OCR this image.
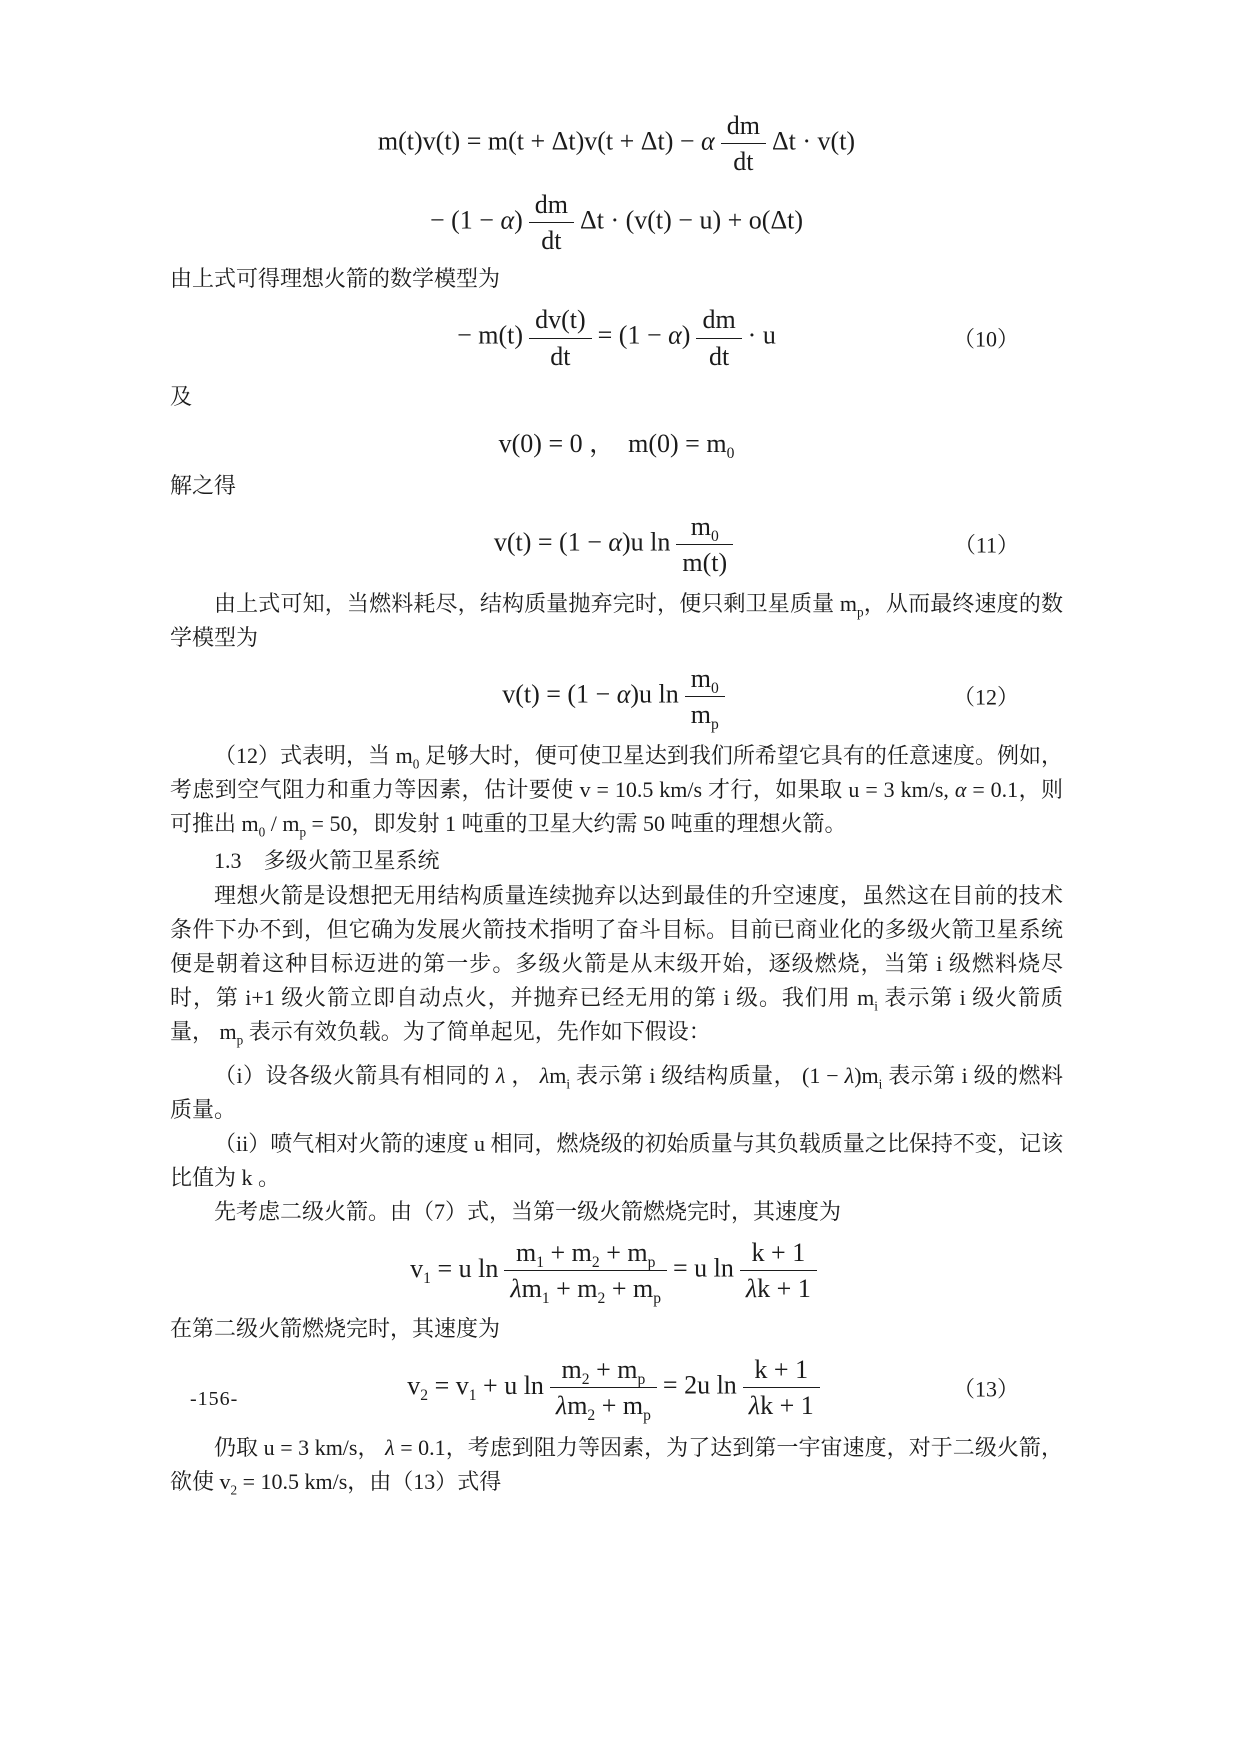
m(t)v(t) = m(t + Δt)v(t + Δt) − α $\frac{dm}{dt}$ Δt · v(t)
− $(1 - \alpha) \frac{dm}{dt}$ Δt · (v(t) − u) + o(Δt)

由上式可得理想火箭的数学模型为

− $m(t) \frac{dv(t)}{dt} = (1 - \alpha) \frac{dm}{dt} \cdot u$	（10）

及

v(0) = 0 ，　$m(0) = m_0$

解之得

v(t) = (1 − α)u $\ln \frac{m_0}{m(t)}$	（11）

由上式可知，当燃料耗尽，结构质量抛弃完时，便只剩卫星质量 $m_p$，从而最终速度的数学模型为

v(t) = (1 − α)u $\ln \frac{m_0}{m_p}$	（12）

（12）式表明，当 $m_0$ 足够大时，便可使卫星达到我们所希望它具有的任意速度。例如，考虑到空气阻力和重力等因素，估计要使 v = 10.5 km/s 才行，如果取 u = 3 km/s, α = 0.1，则可推出 $m_0 / m_p = 50$，即发射 1 吨重的卫星大约需 50 吨重的理想火箭。

1.3　多级火箭卫星系统

理想火箭是设想把无用结构质量连续抛弃以达到最佳的升空速度，虽然这在目前的技术条件下办不到，但它确为发展火箭技术指明了奋斗目标。目前已商业化的多级火箭卫星系统便是朝着这种目标迈进的第一步。多级火箭是从末级开始，逐级燃烧，当第 i 级燃料烧尽时，第 i+1 级火箭立即自动点火，并抛弃已经无用的第 i 级。我们用 $m_i$ 表示第 i 级火箭质量， $m_p$ 表示有效负载。为了简单起见，先作如下假设：

（i）设各级火箭具有相同的 λ ， $\lambda m_i$ 表示第 i 级结构质量， $(1 - \lambda)m_i$ 表示第 i 级的燃料质量。

（ii）喷气相对火箭的速度 u 相同，燃烧级的初始质量与其负载质量之比保持不变，记该比值为 k 。

先考虑二级火箭。由（7）式，当第一级火箭燃烧完时，其速度为

$v_1 = u$ $\ln \frac{m_1 + m_2 + m_p}{\lambda m_1 + m_2 + m_p} = u$ $\ln \frac{k + 1}{\lambda k + 1}$

在第二级火箭燃烧完时，其速度为

$v_2 = v_1 + u$ $\ln \frac{m_2 + m_p}{\lambda m_2 + m_p} = 2u$ $\ln \frac{k + 1}{\lambda k + 1}$	（13）

仍取 u = 3 km/s， λ = 0.1，考虑到阻力等因素，为了达到第一宇宙速度，对于二级火箭，欲使 $v_2 = 10.5$ km/s，由（13）式得

-156-
